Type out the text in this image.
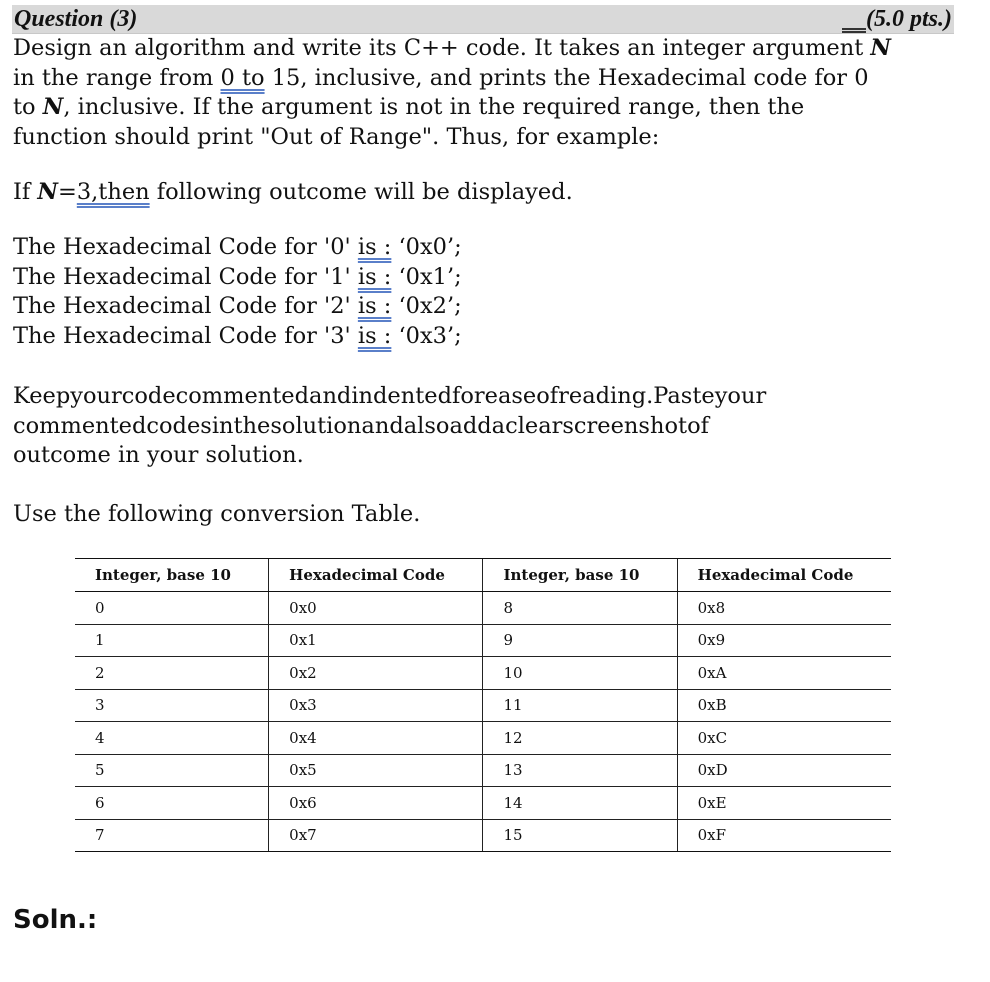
Question (3)
 	(5.0 pts.)
Design an algorithm and write its C++ code. It takes an integer argument N
in the range from 0 to 15, inclusive, and prints the Hexadecimal code for 0
to N, inclusive. If the argument is not in the required range, then the
function should print "Out of Range". Thus, for example:
If N=3,then following outcome will be displayed.
The Hexadecimal Code for '0' is : ‘0x0’;
The Hexadecimal Code for '1' is : ‘0x1’;
The Hexadecimal Code for '2' is : ‘0x2’;
The Hexadecimal Code for '3' is : ‘0x3’;
Keepyourcodecommentedandindentedforeaseofreading.Pasteyour
commentedcodesinthesolutionandalsoaddaclearscreenshotof
outcome in your solution.
Use the following conversion Table.
Integer, base 10	Hexadecimal Code	Integer, base 10	Hexadecimal Code
0	0x0	8	0x8
1	0x1	9	0x9
2	0x2	10	0xA
3	0x3	11	0xB
4	0x4	12	0xC
5	0x5	13	0xD
6	0x6	14	0xE
7	0x7	15	0xF
Soln.:
